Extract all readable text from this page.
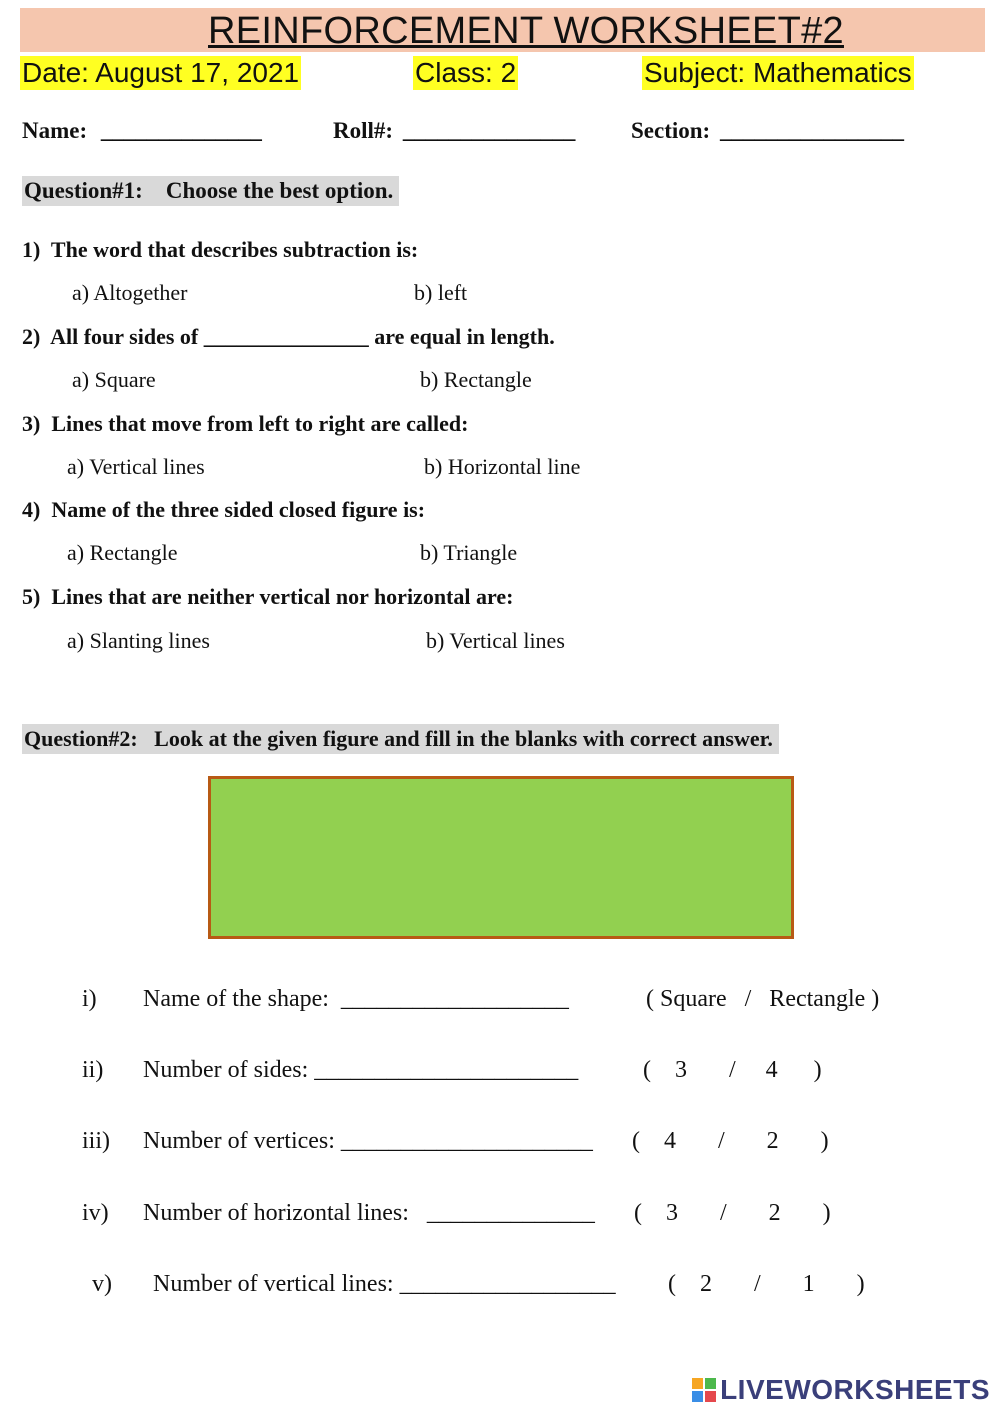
REINFORCEMENT WORKSHEET#2
Date: August 17, 2021	Class: 2	Subject: Mathematics
Name: ______________	Roll#: _______________ Section: ________________
Question#1:    Choose the best option.
1)  The word that describes subtraction is:
a) Altogether	b) left
2)  All four sides of _______________ are equal in length.
a) Square	b) Rectangle
3)  Lines that move from left to right are called:
a) Vertical lines	b) Horizontal line
4)  Name of the three sided closed figure is:
a) Rectangle	b) Triangle
5)  Lines that are neither vertical nor horizontal are:
a) Slanting lines	b) Vertical lines
Question#2:   Look at the given figure and fill in the blanks with correct answer.
i) Name of the shape:  ___________________	( Square   /   Rectangle )
ii) Number of sides: ______________________	(    3       /     4      )
iii) Number of vertices: _____________________ (    4       /       2       )
iv) Number of horizontal lines:   ______________ (    3       /       2       )
v) Number of vertical lines: __________________ (    2       /       1       )
LIVEWORKSHEETS
